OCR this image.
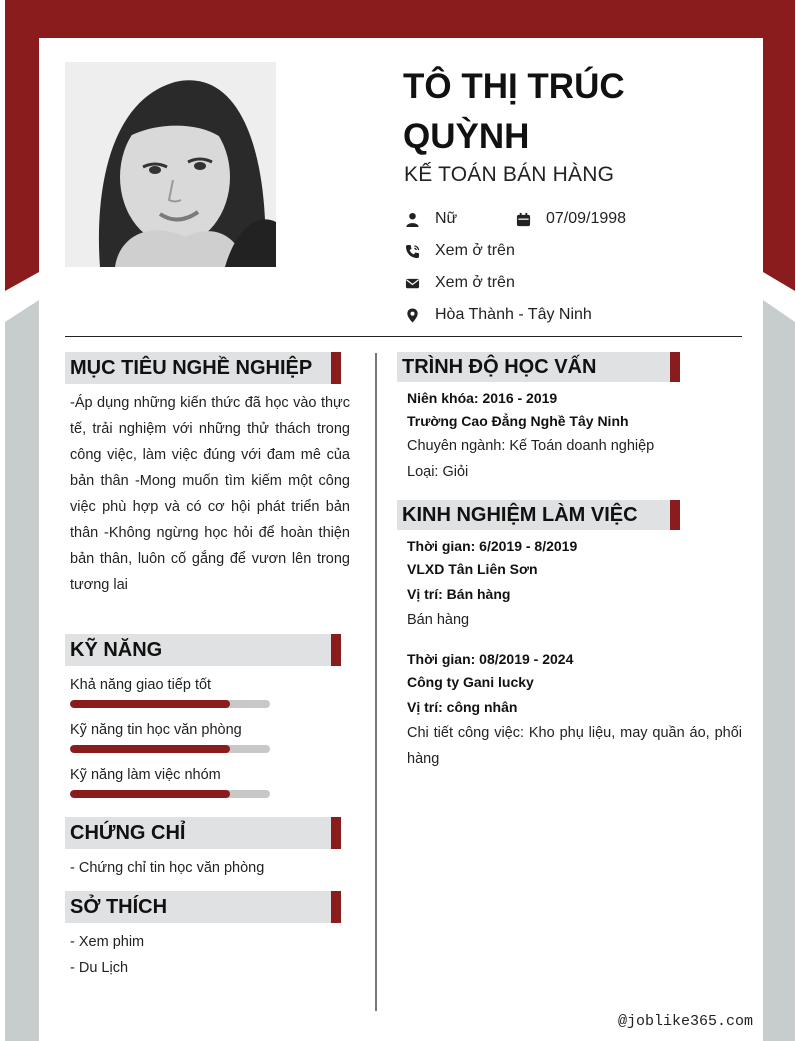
TÔ THỊ TRÚC QUỲNH
KẾ TOÁN BÁN HÀNG
Nữ	07/09/1998
Xem ở trên
Xem ở trên
Hòa Thành - Tây Ninh
MỤC TIÊU NGHỀ NGHIỆP
-Áp dụng những kiến thức đã học vào thực tế, trải nghiệm với những thử thách trong công việc, làm việc đúng với đam mê của bản thân -Mong muốn tìm kiếm một công việc phù hợp và có cơ hội phát triển bản thân -Không ngừng học hỏi để hoàn thiện bản thân, luôn cố gắng để vươn lên trong tương lai
KỸ NĂNG
Khả năng giao tiếp tốt
Kỹ năng tin học văn phòng
Kỹ năng làm việc nhóm
CHỨNG CHỈ
- Chứng chỉ tin học văn phòng
SỞ THÍCH
- Xem phim
- Du Lịch
TRÌNH ĐỘ HỌC VẤN
Niên khóa: 2016 - 2019
Trường Cao Đẳng Nghề Tây Ninh
Chuyên ngành: Kế Toán doanh nghiệp
Loại: Giỏi
KINH NGHIỆM LÀM VIỆC
Thời gian: 6/2019 - 8/2019
VLXD Tân Liên Sơn
Vị trí: Bán hàng
Bán hàng
Thời gian: 08/2019 - 2024
Công ty Gani lucky
Vị trí: công nhân
Chi tiết công việc: Kho phụ liệu, may quần áo, phối hàng
@joblike365.com
